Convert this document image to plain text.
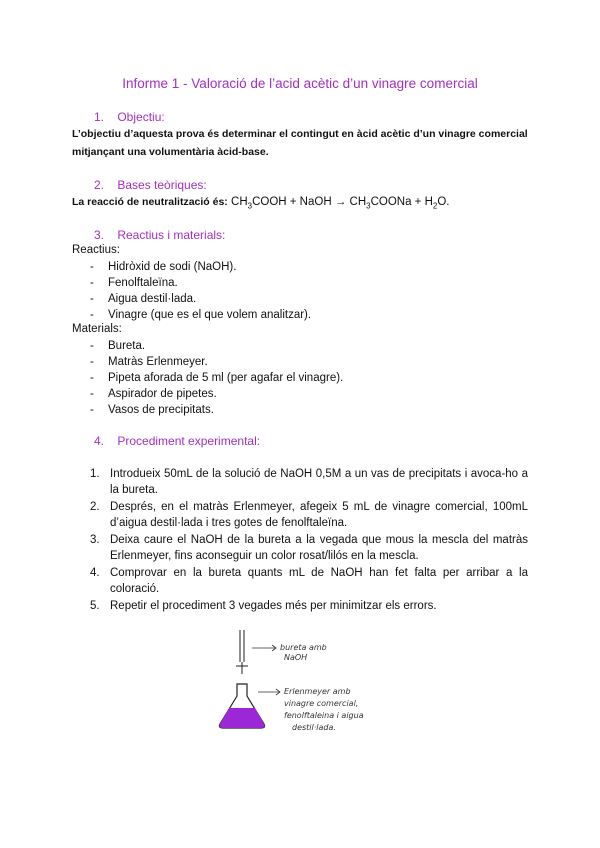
Informe 1 - Valoració de l’acid acètic d’un vinagre comercial
1. Objectiu:
L’objectiu d’aquesta prova és determinar el contingut en àcid acètic d’un vinagre comercial
mitjançant una volumentària àcid-base.
2. Bases teòriques:
La reacció de neutralització és: $CH_3COOH$ + NaOH → $CH_3COONa + H_2O$.
3. Reactius i materials:
Reactius:
- Hidròxid de sodi (NaOH).
- Fenolftaleïna.
- Aigua destil·lada.
- Vinagre (que es el que volem analitzar).
Materials:
- Bureta.
- Matràs Erlenmeyer.
- Pipeta aforada de 5 ml (per agafar el vinagre).
- Aspirador de pipetes.
- Vasos de precipitats.
4. Procediment experimental:
1. Introdueix 50mL de la solució de NaOH 0,5M a un vas de precipitats i avoca-ho a la bureta.
2. Després, en el matràs Erlenmeyer, afegeix 5 mL de vinagre comercial, 100mL d’aigua destil·lada i tres gotes de fenolftaleïna.
3. Deixa caure el NaOH de la bureta a la vegada que mous la mescla del matràs Erlenmeyer, fins aconseguir un color rosat/lilós en la mescla.
4. Comprovar en la bureta quants mL de NaOH han fet falta per arribar a la coloració.
5. Repetir el procediment 3 vegades més per minimitzar els errors.
bureta amb
NaOH
Erlenmeyer amb
vinagre comercial,
fenolftaleina i aigua
destil·lada.
